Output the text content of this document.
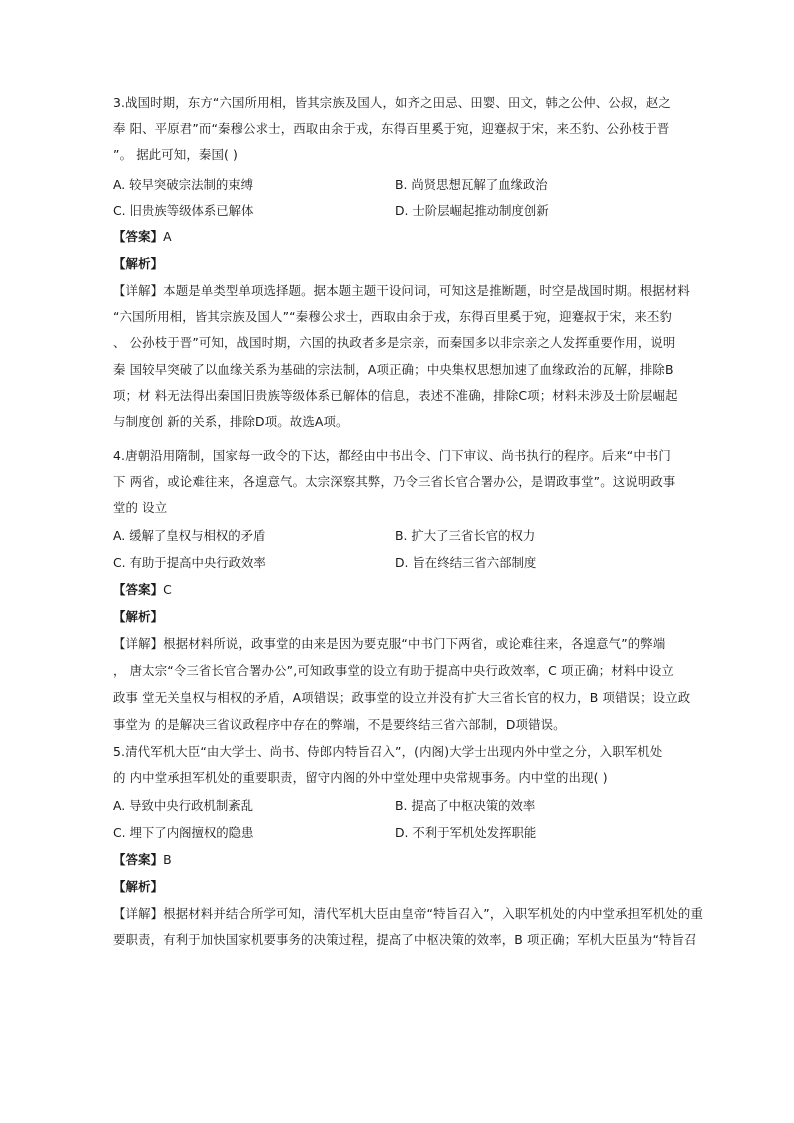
3.战国时期，东方“六国所用相，皆其宗族及国人，如齐之田忌、田婴、田文，韩之公仲、公叔，赵之
奉 阳、平原君”而“秦穆公求士，西取由余于戎，东得百里奚于宛，迎蹇叔于宋，来丕豹、公孙枝于晋
”。 据此可知，秦国( )
A. 较早突破宗法制的束缚	B. 尚贤思想瓦解了血缘政治
C. 旧贵族等级体系已解体	D. 士阶层崛起推动制度创新
【答案】A
【解析】
【详解】本题是单类型单项选择题。据本题主题干设问词，可知这是推断题，时空是战国时期。根据材料
“六国所用相，皆其宗族及国人”“秦穆公求士，西取由余于戎，东得百里奚于宛，迎蹇叔于宋，来丕豹
、 公孙枝于晋”可知，战国时期，六国的执政者多是宗亲，而秦国多以非宗亲之人发挥重要作用，说明
秦 国较早突破了以血缘关系为基础的宗法制，A项正确；中央集权思想加速了血缘政治的瓦解，排除B
项；材 料无法得出秦国旧贵族等级体系已解体的信息，表述不准确，排除C项；材料未涉及士阶层崛起
与制度创 新的关系，排除D项。故选A项。
4.唐朝沿用隋制，国家每一政令的下达，都经由中书出令、门下审议、尚书执行的程序。后来“中书门
下 两省，或论难往来，各遑意气。太宗深察其弊，乃令三省长官合署办公，是谓政事堂”。这说明政事
堂的 设立
A. 缓解了皇权与相权的矛盾	B. 扩大了三省长官的权力
C. 有助于提高中央行政效率	D. 旨在终结三省六部制度
【答案】C
【解析】
【详解】根据材料所说，政事堂的由来是因为要克服“中书门下两省，或论难往来，各遑意气”的弊端
， 唐太宗“令三省长官合署办公”,可知政事堂的设立有助于提高中央行政效率，C 项正确；材料中设立
政事 堂无关皇权与相权的矛盾，A项错误；政事堂的设立并没有扩大三省长官的权力，B 项错误；设立政
事堂为 的是解决三省议政程序中存在的弊端，不是要终结三省六部制，D项错误。
5.清代军机大臣“由大学士、尚书、侍郎内特旨召入”，(内阁)大学士出现内外中堂之分，入职军机处
的 内中堂承担军机处的重要职责，留守内阁的外中堂处理中央常规事务。内中堂的出现( )
A. 导致中央行政机制紊乱	B. 提高了中枢决策的效率
C. 埋下了内阁擅权的隐患	D. 不利于军机处发挥职能
【答案】B
【解析】
【详解】根据材料并结合所学可知，清代军机大臣由皇帝“特旨召入”，入职军机处的内中堂承担军机处的重
要职责，有利于加快国家机要事务的决策过程，提高了中枢决策的效率，B 项正确；军机大臣虽为“特旨召
